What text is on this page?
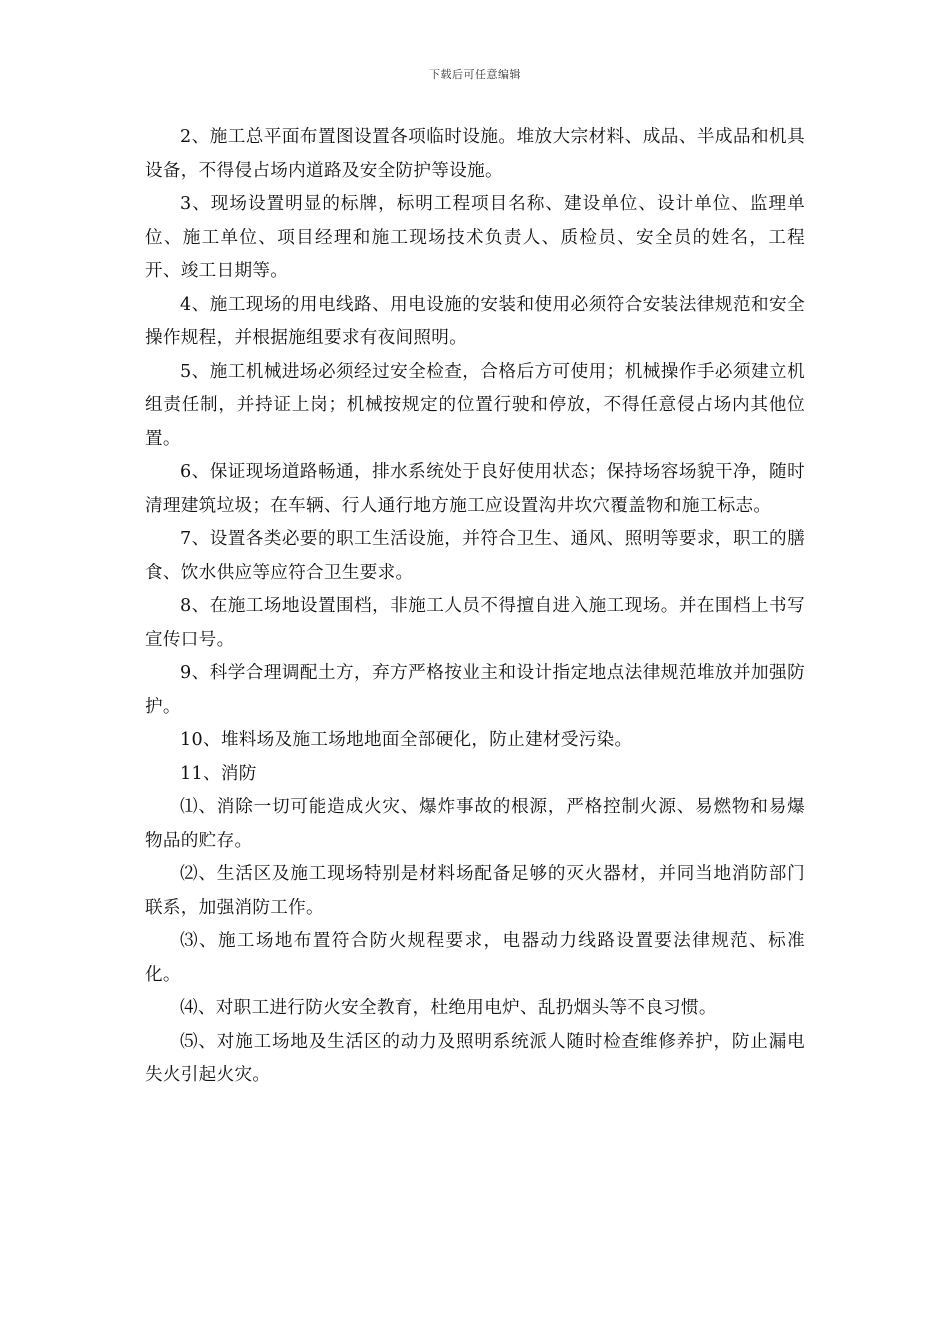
下载后可任意编辑

2、施工总平面布置图设置各项临时设施。堆放大宗材料、成品、半成品和机具设备，不得侵占场内道路及安全防护等设施。

3、现场设置明显的标牌，标明工程项目名称、建设单位、设计单位、监理单位、施工单位、项目经理和施工现场技术负责人、质检员、安全员的姓名，工程开、竣工日期等。

4、施工现场的用电线路、用电设施的安装和使用必须符合安装法律规范和安全操作规程，并根据施组要求有夜间照明。

5、施工机械进场必须经过安全检查，合格后方可使用；机械操作手必须建立机组责任制，并持证上岗；机械按规定的位置行驶和停放，不得任意侵占场内其他位置。

6、保证现场道路畅通，排水系统处于良好使用状态；保持场容场貌干净，随时清理建筑垃圾；在车辆、行人通行地方施工应设置沟井坎穴覆盖物和施工标志。

7、设置各类必要的职工生活设施，并符合卫生、通风、照明等要求，职工的膳食、饮水供应等应符合卫生要求。

8、在施工场地设置围档，非施工人员不得擅自进入施工现场。并在围档上书写宣传口号。

9、科学合理调配土方，弃方严格按业主和设计指定地点法律规范堆放并加强防护。

10、堆料场及施工场地地面全部硬化，防止建材受污染。

11、消防

⑴、消除一切可能造成火灾、爆炸事故的根源，严格控制火源、易燃物和易爆物品的贮存。

⑵、生活区及施工现场特别是材料场配备足够的灭火器材，并同当地消防部门联系，加强消防工作。

⑶、施工场地布置符合防火规程要求，电器动力线路设置要法律规范、标准化。

⑷、对职工进行防火安全教育，杜绝用电炉、乱扔烟头等不良习惯。

⑸、对施工场地及生活区的动力及照明系统派人随时检查维修养护，防止漏电失火引起火灾。
